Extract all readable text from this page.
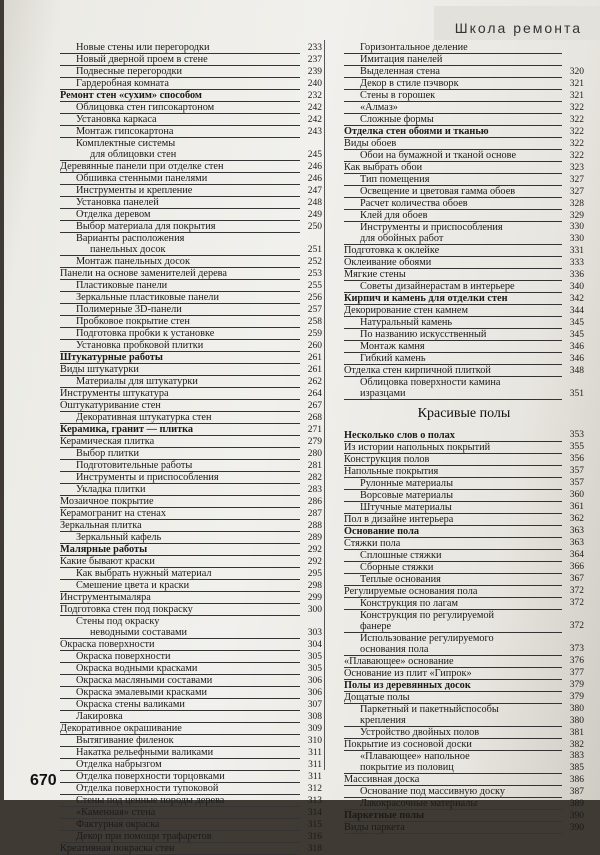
Школа ремонта
Новые стены или перегородки	233
Новый дверной проем в стене	237
Подвесные перегородки	239
Гардеробная комната	240
Ремонт стен «сухим» способом	232
Облицовка стен гипсокартоном	242
Установка каркаса	242
Монтаж гипсокартона	243
Комплектные системы
для облицовки стен	245
Деревянные панели при отделке стен	246
Обшивка стенными панелями	246
Инструменты и крепление	247
Установка панелей	248
Отделка деревом	249
Выбор материала для покрытия	250
Варианты расположения
панельных досок	251
Монтаж панельных досок	252
Панели на основе заменителей дерева	253
Пластиковые панели	255
Зеркальные пластиковые панели	256
Полимерные 3D-панели	257
Пробковое покрытие стен	258
Подготовка пробки к установке	259
Установка пробковой плитки	260
Штукатурные работы	261
Виды штукатурки	261
Материалы для штукатурки	262
Инструменты штукатура	264
Оштукатуривание стен	267
Декоративная штукатурка стен	268
Керамика, гранит — плитка	271
Керамическая плитка	279
Выбор плитки	280
Подготовительные работы	281
Инструменты и приспособления	282
Укладка плитки	283
Мозаичное покрытие	286
Керамогранит на стенах	287
Зеркальная плитка	288
Зеркальный кафель	289
Малярные работы	292
Какие бывают краски	292
Как выбрать нужный материал	295
Смешение цвета и краски	298
Инструментымаляра	299
Подготовка стен под покраску	300
Стены под окраску
неводными составами	303
Окраска поверхности	304
Окраска поверхности	305
Окраска водными красками	305
Окраска масляными составами	306
Окраска эмалевыми красками	306
Окраска стены валиками	307
Лакировка	308
Декоративное окрашивание	309
Вытягивание филенок	310
Накатка рельефными валиками	311
Отделка набрызгом	311
Отделка поверхности торцовками	311
Отделка поверхности тупоковой	312
Стены под ценные породы дерева	313
«Каменная» стена	314
Фактурная окраска	315
Декор при помощи трафаретов	316
Креативная покраска стен	318
Горизонтальное деление
Имитация панелей
Выделенная стена	320
Декор в стиле пэчворк	321
Стены в горошек	321
«Алмаз»	322
Сложные формы	322
Отделка стен обоями и тканью	322
Виды обоев	322
Обои на бумажной и тканой основе	322
Как выбрать обои	323
Тип помещения	327
Освещение и цветовая гамма обоев	327
Расчет количества обоев	328
Клей для обоев	329
Инструменты и приспособления	330
для обойных работ	330
Подготовка к оклейке	331
Оклеивание обоями	333
Мягкие стены	336
Советы дизайнерастам в интерьере	340
Кирпич и камень для отделки стен	342
Декорирование стен камнем	344
Натуральный камень	345
По названию искусственный	345
Монтаж камня	346
Гибкий камень	346
Отделка стен кирпичной плиткой	348
Облицовка поверхности камина
изразцами	351
Красивые полы
Несколько слов о полах	353
Из истории напольных покрытий	355
Конструкция полов	356
Напольные покрытия	357
Рулонные материалы	357
Ворсовые материалы	360
Штучные материалы	361
Пол в дизайне интерьера	362
Основание пола	363
Стяжки пола	363
Сплошные стяжки	364
Сборные стяжки	366
Теплые основания	367
Регулируемые основания пола	372
Конструкция по лагам	372
Конструкция по регулируемой
фанере	372
Использование регулируемого
основания пола	373
«Плавающее» основание	376
Основание из плит «Гипрок»	377
Полы из деревянных досок	379
Дощатые полы	379
Паркетный и пакетныйспособы	380
крепления	380
Устройство двойных полов	381
Покрытие из сосновой доски	382
«Плавающее» напольное	383
покрытие из половиц	385
Массивная доска	386
Основание под массивную доску	387
Лакокрасочные материалы	389
Паркетные полы	390
Виды паркета	390
670
